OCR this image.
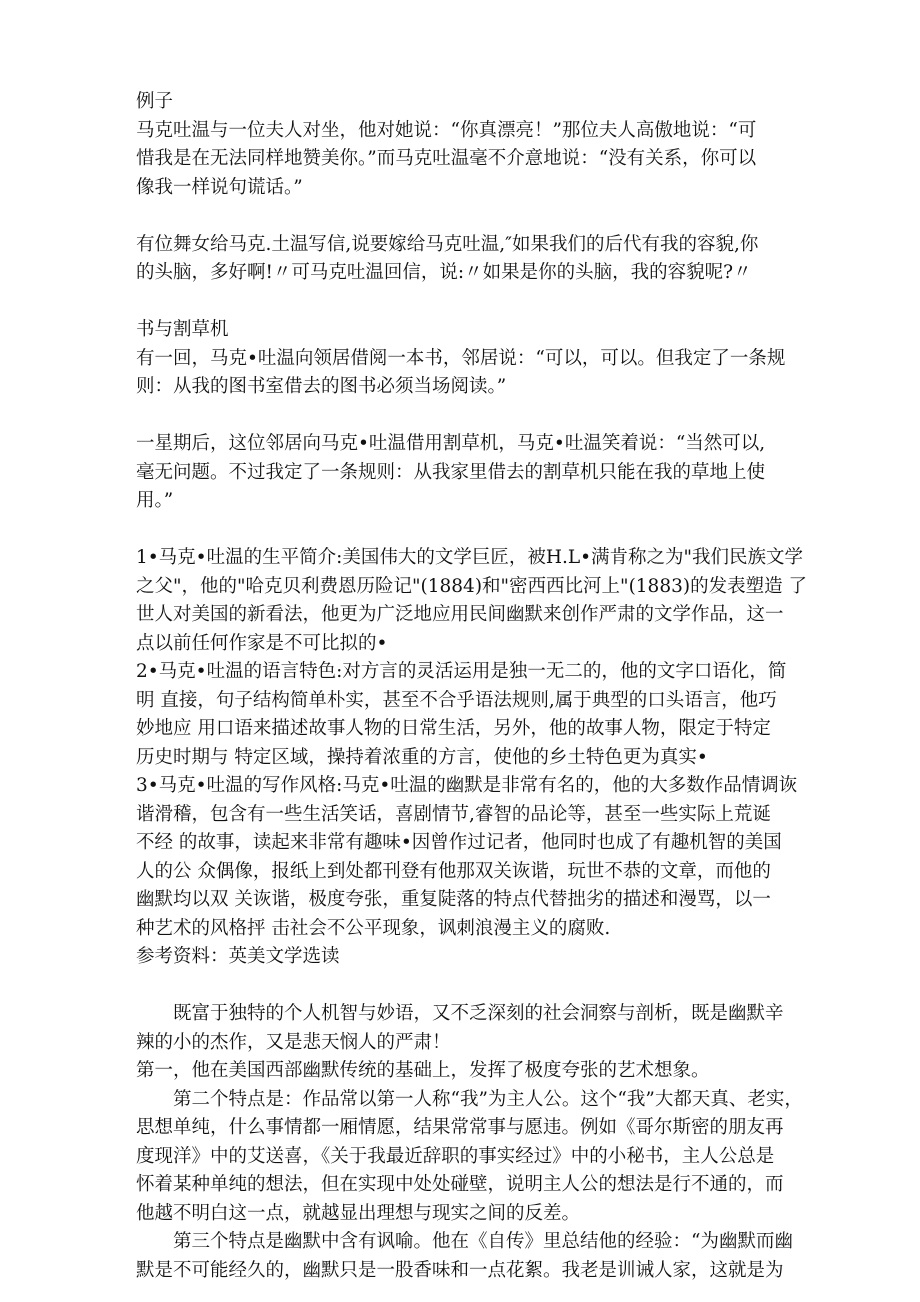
例子
马克吐温与一位夫人对坐，他对她说：“你真漂亮！”那位夫人高傲地说：“可
惜我是在无法同样地赞美你。”而马克吐温毫不介意地说：“没有关系，你可以
像我一样说句谎话。”
有位舞女给马克.土温写信,说要嫁给马克吐温,″如果我们的后代有我的容貌,你
的头脑，多好啊!〃可马克吐温回信，说:〃如果是你的头脑，我的容貌呢?〃
书与割草机
有一回，马克•吐温向领居借阅一本书，邻居说：“可以，可以。但我定了一条规
则：从我的图书室借去的图书必须当场阅读。”
一星期后，这位邻居向马克•吐温借用割草机，马克•吐温笑着说：“当然可以,
毫无问题。不过我定了一条规则：从我家里借去的割草机只能在我的草地上使
用。”
1•马克•吐温的生平简介:美国伟大的文学巨匠，被H.L•满肯称之为"我们民族文学
之父"，他的"哈克贝利费恩历险记"(1884)和"密西西比河上"(1883)的发表塑造 了
世人对美国的新看法，他更为广泛地应用民间幽默来创作严肃的文学作品，这一
点以前任何作家是不可比拟的•
2•马克•吐温的语言特色:对方言的灵活运用是独一无二的，他的文字口语化，简
明 直接，句子结构简单朴实，甚至不合乎语法规则,属于典型的口头语言，他巧
妙地应 用口语来描述故事人物的日常生活，另外，他的故事人物，限定于特定
历史时期与 特定区域，操持着浓重的方言，使他的乡土特色更为真实•
3•马克•吐温的写作风格:马克•吐温的幽默是非常有名的，他的大多数作品情调诙
谐滑稽，包含有一些生活笑话，喜剧情节,睿智的品论等，甚至一些实际上荒诞
不经 的故事，读起来非常有趣味•因曾作过记者，他同时也成了有趣机智的美国
人的公 众偶像，报纸上到处都刊登有他那双关诙谐，玩世不恭的文章，而他的
幽默均以双 关诙谐，极度夸张，重复陡落的特点代替拙劣的描述和漫骂，以一
种艺术的风格抨 击社会不公平现象，讽刺浪漫主义的腐败.
参考资料：英美文学选读
既富于独特的个人机智与妙语，又不乏深刻的社会洞察与剖析，既是幽默辛
辣的小的杰作，又是悲天悯人的严肃！
第一，他在美国西部幽默传统的基础上，发挥了极度夸张的艺术想象。
第二个特点是：作品常以第一人称“我”为主人公。这个“我”大都天真、老实，
思想单纯，什么事情都一厢情愿，结果常常事与愿违。例如《哥尔斯密的朋友再
度现洋》中的艾送喜，《关于我最近辞职的事实经过》中的小秘书，主人公总是
怀着某种单纯的想法，但在实现中处处碰壁，说明主人公的想法是行不通的，而
他越不明白这一点，就越显出理想与现实之间的反差。
第三个特点是幽默中含有讽喻。他在《自传》里总结他的经验：“为幽默而幽
默是不可能经久的，幽默只是一股香味和一点花絮。我老是训诫人家，这就是为
